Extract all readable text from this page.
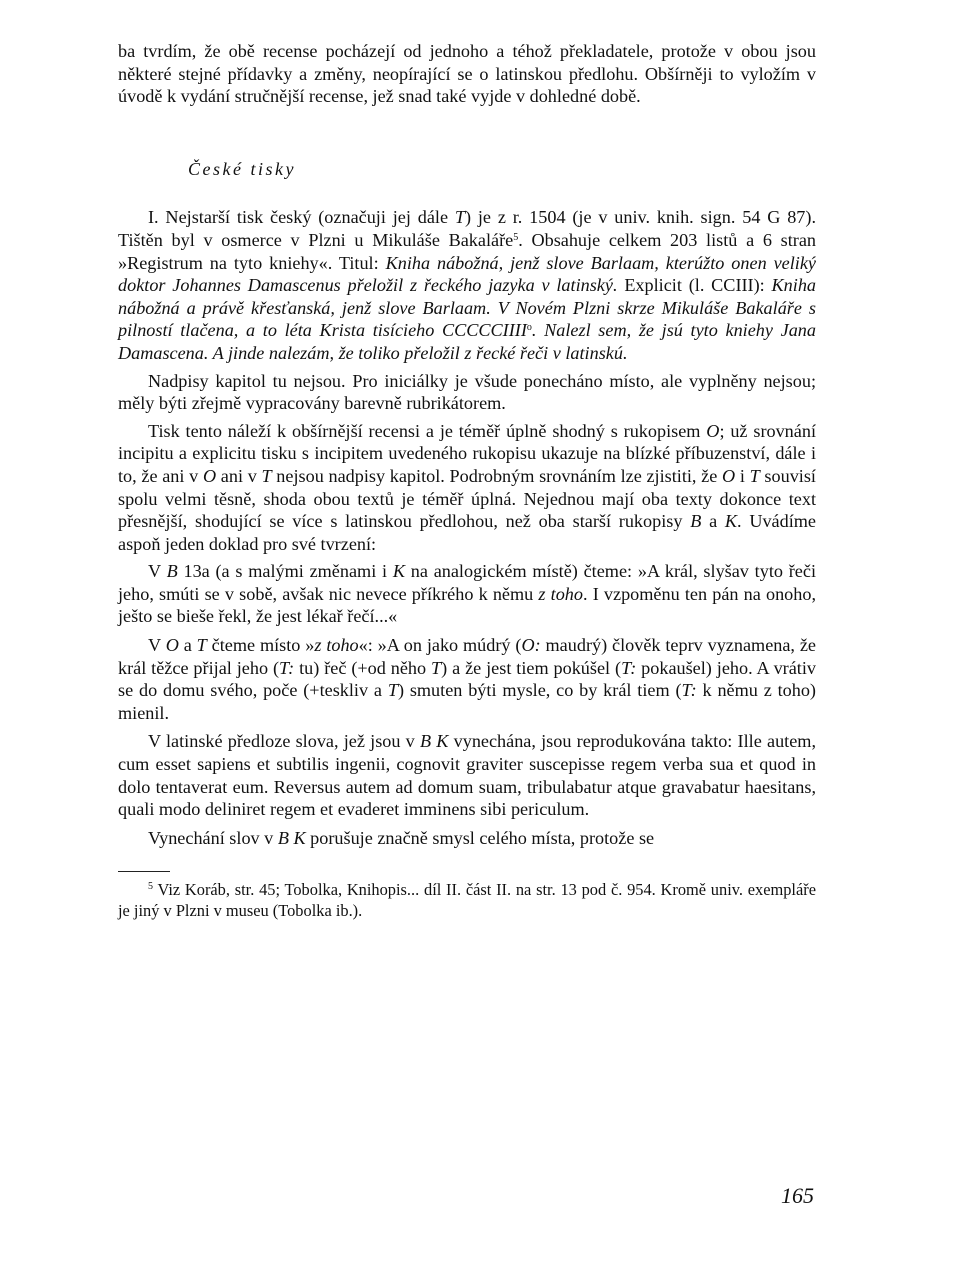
ba tvrdím, že obě recense pocházejí od jednoho a téhož překladatele, protože v obou jsou některé stejné přídavky a změny, neopírající se o latinskou předlohu. Obšírněji to vyložím v úvodě k vydání stručnější recense, jež snad také vyjde v dohledné době.

České tisky

I. Nejstarší tisk český (označuji jej dále T) je z r. 1504 (je v univ. knih. sign. 54 G 87). Tištěn byl v osmerce v Plzni u Mikuláše Bakaláře$^5$. Obsahuje celkem 203 listů a 6 stran »Registrum na tyto kniehy«. Titul: Kniha nábožná, jenž slove Barlaam, kterúžto onen veliký doktor Johannes Damascenus přeložil z řeckého jazyka v latinský. Explicit (l. CCIII): Kniha nábožná a právě křesťanská, jenž slove Barlaam. V Novém Plzni skrze Mikuláše Bakaláře s pilností tlačena, a to léta Krista tisícieho CCCCCIIII$^o$. Nalezl sem, že jsú tyto kniehy Jana Damascena. A jinde nalezám, že toliko přeložil z řecké řeči v latinskú.

Nadpisy kapitol tu nejsou. Pro iniciálky je všude ponecháno místo, ale vyplněny nejsou; měly býti zřejmě vypracovány barevně rubrikátorem.

Tisk tento náleží k obšírnější recensi a je téměř úplně shodný s rukopisem O; už srovnání incipitu a explicitu tisku s incipitem uvedeného rukopisu ukazuje na blízké příbuzenství, dále i to, že ani v O ani v T nejsou nadpisy kapitol. Podrobným srovnáním lze zjistiti, že O i T souvisí spolu velmi těsně, shoda obou textů je téměř úplná. Nejednou mají oba texty dokonce text přesnější, shodující se více s latinskou předlohou, než oba starší rukopisy B a K. Uvádíme aspoň jeden doklad pro své tvrzení:

V B 13a (a s malými změnami i K na analogickém místě) čteme: »A král, slyšav tyto řeči jeho, smúti se v sobě, avšak nic nevece příkrého k němu z toho. I vzpoměnu ten pán na onoho, ješto se bieše řekl, že jest lékař řečí...«

V O a T čteme místo »z toho«: »A on jako múdrý (O: maudrý) člověk teprv vyznamena, že král těžce přijal jeho (T: tu) řeč (+od něho T) a že jest tiem pokúšel (T: pokaušel) jeho. A vrátiv se do domu svého, poče (+teskliv a T) smuten býti mysle, co by král tiem (T: k němu z toho) mienil.

V latinské předloze slova, jež jsou v B K vynechána, jsou reprodukována takto: Ille autem, cum esset sapiens et subtilis ingenii, cognovit graviter suscepisse regem verba sua et quod in dolo tentaverat eum. Reversus autem ad domum suam, tribulabatur atque gravabatur haesitans, quali modo deliniret regem et evaderet imminens sibi periculum.

Vynechání slov v B K porušuje značně smysl celého místa, protože se

$^5$ Viz Koráb, str. 45; Tobolka, Knihopis... díl II. část II. na str. 13 pod č. 954. Kromě univ. exempláře je jiný v Plzni v museu (Tobolka ib.).

165
